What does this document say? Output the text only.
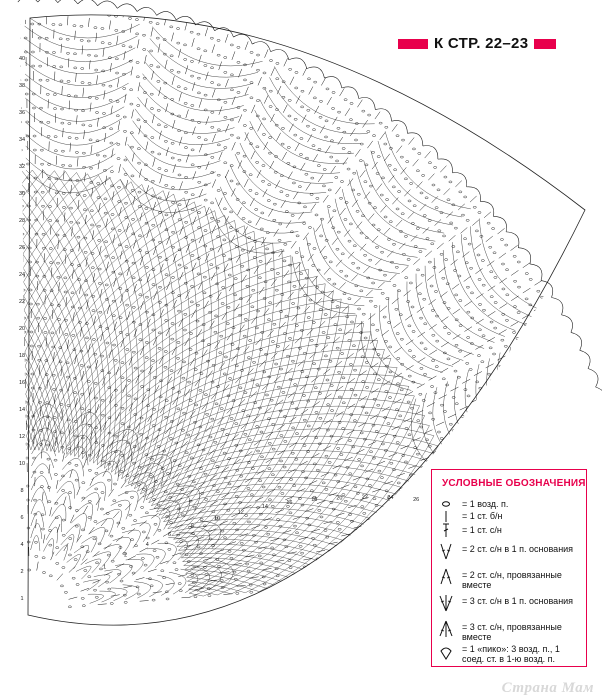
40
38
36
34
32
30
28
26
24
22
20
18
16
14
12
10
8
6
4
2
1
26
24
22
20
18
16
14
12
10
8
6
4
2
1
К СТР. 22–23
УСЛОВНЫЕ ОБОЗНАЧЕНИЯ
= 1 возд. п.
= 1 ст. б/н
= 1 ст. с/н
= 2 ст. с/н в 1 п. основания
= 2 ст. с/н, провязанные вместе
= 3 ст. с/н в 1 п. основания
= 3 ст. с/н, провязанные вместе
= 1 «пико»: 3 возд. п., 1 соед. ст. в 1-ю возд. п.
Страна Мам
